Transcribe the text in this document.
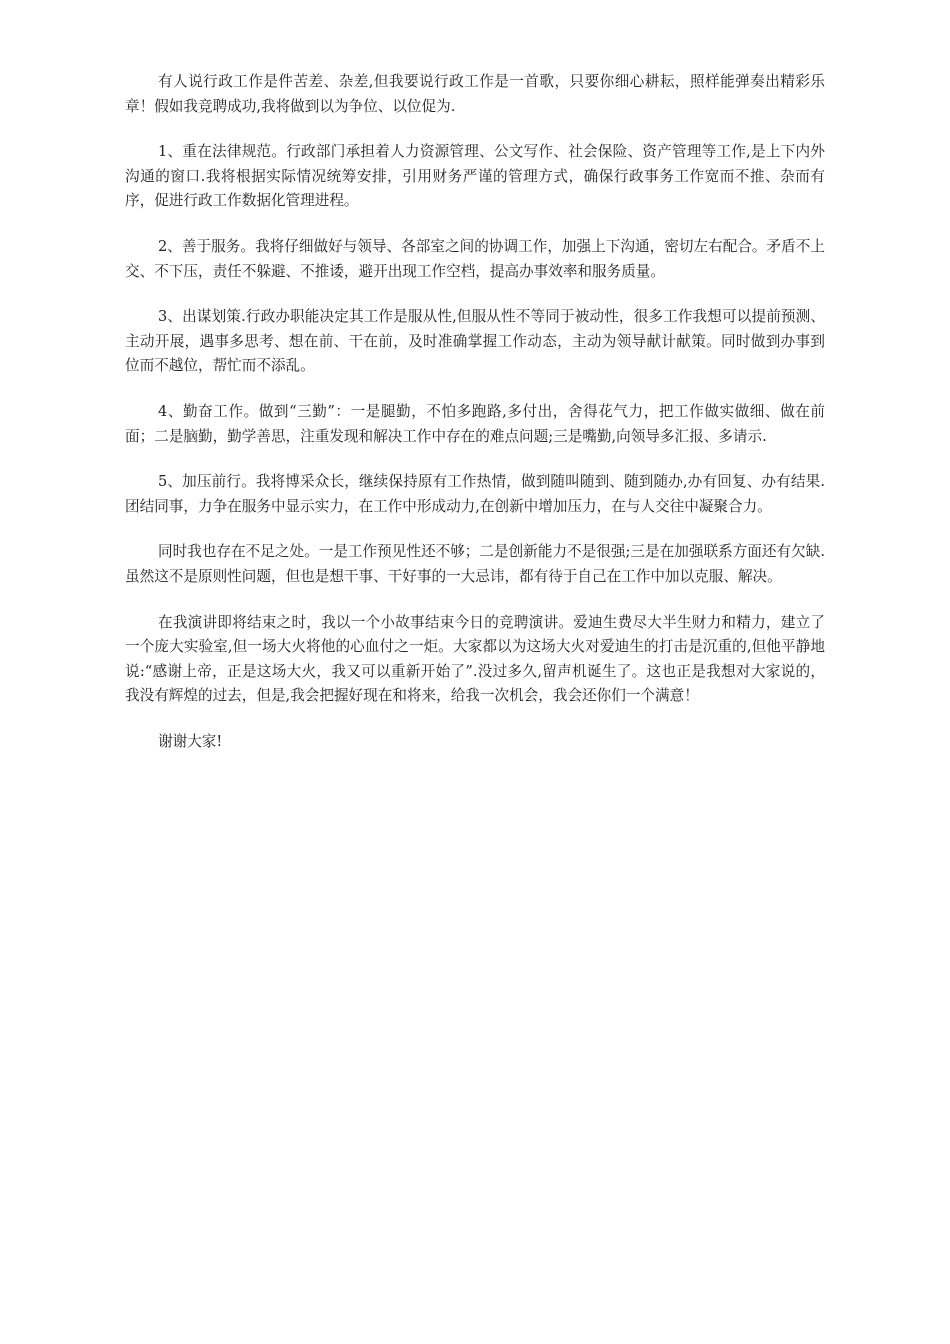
有人说行政工作是件苦差、杂差,但我要说行政工作是一首歌，只要你细心耕耘，照样能弹奏出精彩乐章！假如我竞聘成功,我将做到以为争位、以位促为.

1、重在法律规范。行政部门承担着人力资源管理、公文写作、社会保险、资产管理等工作,是上下内外沟通的窗口.我将根据实际情况统筹安排，引用财务严谨的管理方式，确保行政事务工作宽而不推、杂而有序，促进行政工作数据化管理进程。

2、善于服务。我将仔细做好与领导、各部室之间的协调工作，加强上下沟通，密切左右配合。矛盾不上交、不下压，责任不躲避、不推诿，避开出现工作空档，提高办事效率和服务质量。

3、出谋划策.行政办职能决定其工作是服从性,但服从性不等同于被动性，很多工作我想可以提前预测、主动开展，遇事多思考、想在前、干在前，及时准确掌握工作动态，主动为领导献计献策。同时做到办事到位而不越位，帮忙而不添乱。

4、勤奋工作。做到“三勤”：一是腿勤，不怕多跑路,多付出，舍得花气力，把工作做实做细、做在前面；二是脑勤，勤学善思，注重发现和解决工作中存在的难点问题;三是嘴勤,向领导多汇报、多请示.

5、加压前行。我将博采众长，继续保持原有工作热情，做到随叫随到、随到随办,办有回复、办有结果.团结同事，力争在服务中显示实力，在工作中形成动力,在创新中增加压力，在与人交往中凝聚合力。

同时我也存在不足之处。一是工作预见性还不够；二是创新能力不是很强;三是在加强联系方面还有欠缺.虽然这不是原则性问题，但也是想干事、干好事的一大忌讳，都有待于自己在工作中加以克服、解决。

在我演讲即将结束之时，我以一个小故事结束今日的竞聘演讲。爱迪生费尽大半生财力和精力，建立了一个庞大实验室,但一场大火将他的心血付之一炬。大家都以为这场大火对爱迪生的打击是沉重的,但他平静地说:“感谢上帝，正是这场大火，我又可以重新开始了”.没过多久,留声机诞生了。这也正是我想对大家说的，我没有辉煌的过去，但是,我会把握好现在和将来，给我一次机会，我会还你们一个满意！

谢谢大家!
